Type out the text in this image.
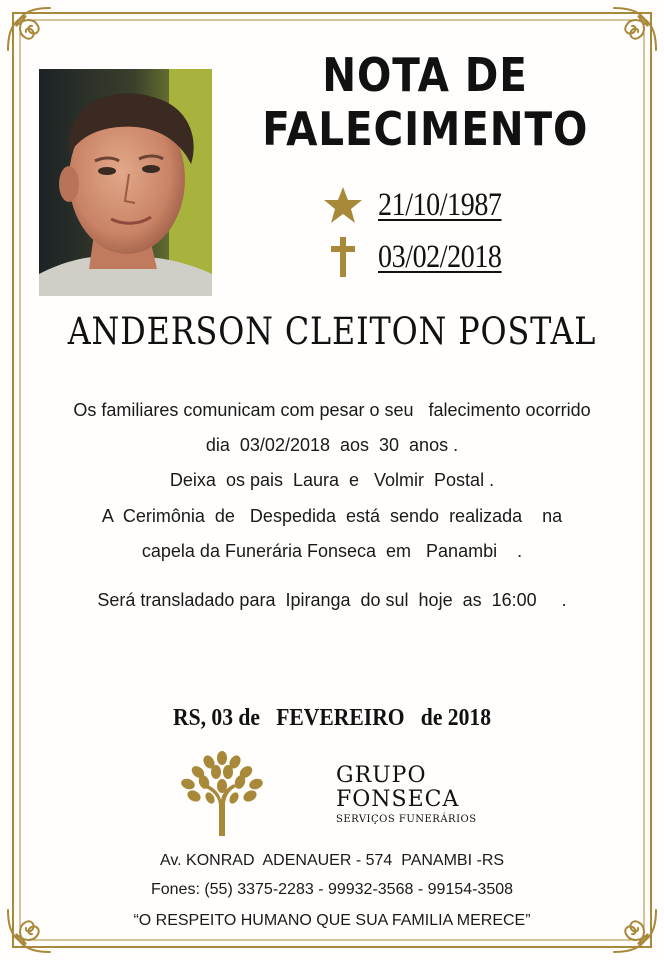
NOTA DE
FALECIMENTO
21/10/1987
03/02/2018
ANDERSON CLEITON POSTAL
Os familiares comunicam com pesar o seu   falecimento ocorrido
dia  03/02/2018  aos  30  anos .
Deixa  os pais  Laura  e   Volmir  Postal .
A  Cerimônia  de   Despedida  está  sendo  realizada    na
capela da Funerária Fonseca  em   Panambi    .
Será transladado para  Ipiranga  do sul  hoje  as  16:00     .
RS, 03 de   FEVEREIRO   de 2018
GRUPO
FONSECA
SERVIÇOS FUNERÁRIOS
Av. KONRAD  ADENAUER - 574  PANAMBI -RS
Fones: (55) 3375-2283 - 99932-3568 - 99154-3508
“O RESPEITO HUMANO QUE SUA FAMILIA MERECE”
